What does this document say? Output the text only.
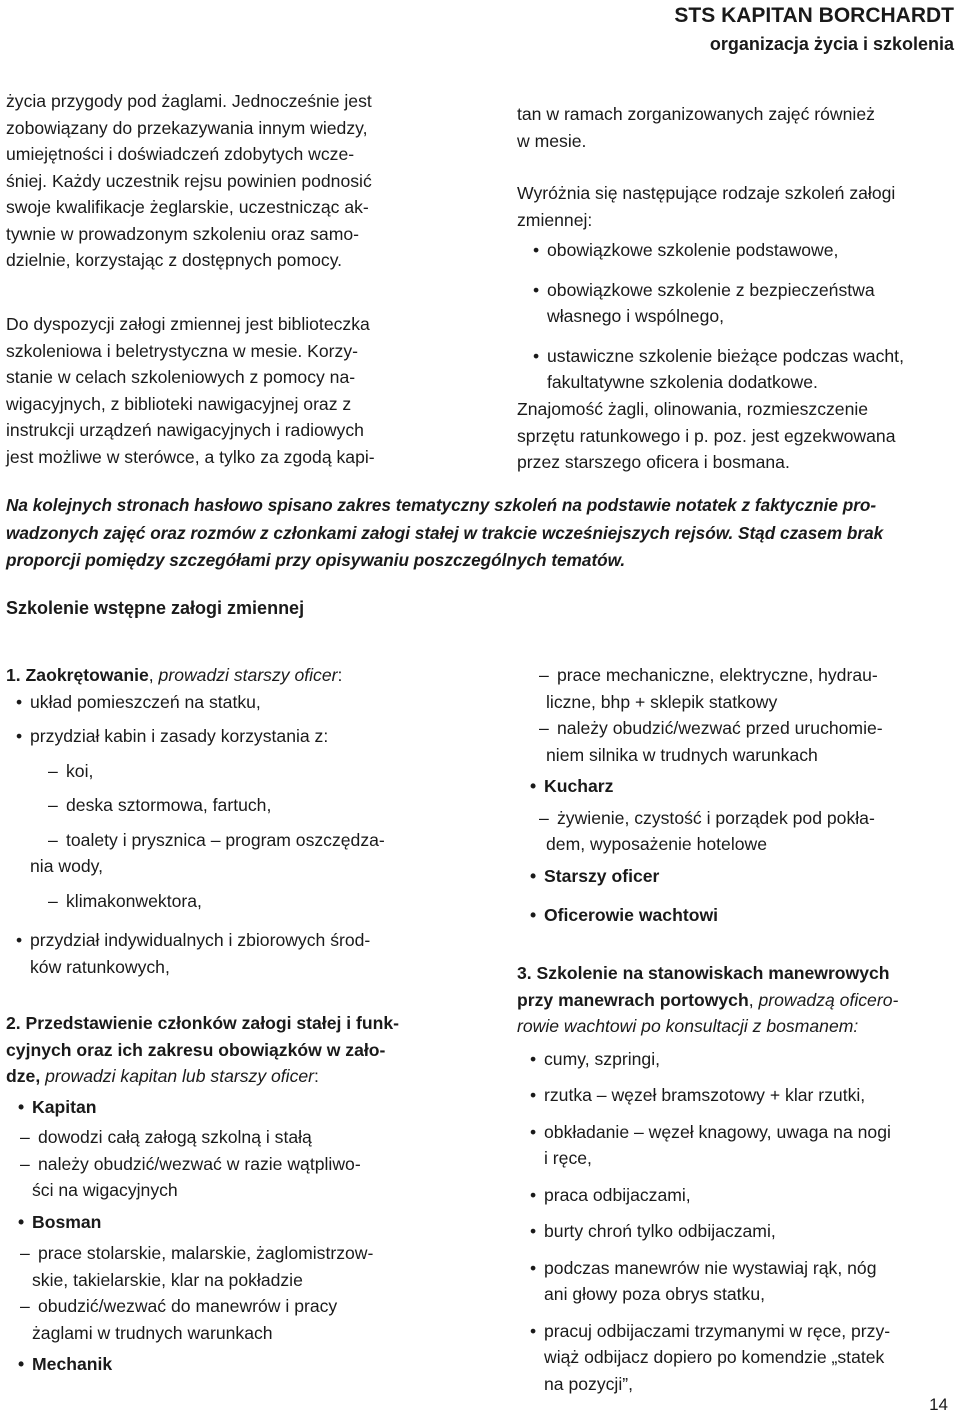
STS KAPITAN BORCHARDT
organizacja życia i szkolenia
życia przygody pod żaglami. Jednocześnie jest
zobowiązany do przekazywania innym wiedzy,
umiejętności i doświadczeń zdobytych wcze-
śniej. Każdy uczestnik rejsu powinien podnosić
swoje kwalifikacje żeglarskie, uczestnicząc ak-
tywnie w prowadzonym szkoleniu oraz samo-
dzielnie, korzystając z dostępnych pomocy.
Do dyspozycji załogi zmiennej jest biblioteczka
szkoleniowa i beletrystyczna w mesie. Korzy-
stanie w celach szkoleniowych z pomocy na-
wigacyjnych, z biblioteki nawigacyjnej oraz z
instrukcji urządzeń nawigacyjnych i radiowych
jest możliwe w sterówce, a tylko za zgodą kapi-
tan w ramach zorganizowanych zajęć również
w mesie.
Wyróżnia się następujące rodzaje szkoleń załogi
zmiennej:
• obowiązkowe szkolenie podstawowe,
• obowiązkowe szkolenie z bezpieczeństwa
własnego i wspólnego,
• ustawiczne szkolenie bieżące podczas wacht,
fakultatywne szkolenia dodatkowe.
Znajomość żagli, olinowania, rozmieszczenie
sprzętu ratunkowego i p. poz. jest egzekwowana
przez starszego oficera i bosmana.
Na kolejnych stronach hasłowo spisano zakres tematyczny szkoleń na podstawie notatek z faktycznie pro-
wadzonych zajęć oraz rozmów z członkami załogi stałej w trakcie wcześniejszych rejsów. Stąd czasem brak
proporcji pomiędzy szczegółami przy opisywaniu poszczególnych tematów.
Szkolenie wstępne załogi zmiennej
1. Zaokrętowanie, prowadzi starszy oficer:
• układ pomieszczeń na statku,
• przydział kabin i zasady korzystania z:
– koi,
– deska sztormowa, fartuch,
– toalety i prysznica – program oszczędza-
nia wody,
– klimakonwektora,
• przydział indywidualnych i zbiorowych środ-
ków ratunkowych,
2. Przedstawienie członków załogi stałej i funk-
cyjnych oraz ich zakresu obowiązków w zało-
dze, prowadzi kapitan lub starszy oficer:
• Kapitan
– dowodzi całą załogą szkolną i stałą
– należy obudzić/wezwać w razie wątpliwo-
ści na wigacyjnych
• Bosman
– prace stolarskie, malarskie, żaglomistrzow-
skie, takielarskie, klar na pokładzie
– obudzić/wezwać do manewrów i pracy
żaglami w trudnych warunkach
• Mechanik
– prace mechaniczne, elektryczne, hydrau-
liczne, bhp + sklepik statkowy
– należy obudzić/wezwać przed uruchomie-
niem silnika w trudnych warunkach
• Kucharz
– żywienie, czystość i porządek pod pokła-
dem, wyposażenie hotelowe
• Starszy oficer
• Oficerowie wachtowi
3. Szkolenie na stanowiskach manewrowych
przy manewrach portowych, prowadzą oficero-
rowie wachtowi po konsultacji z bosmanem:
• cumy, szpringi,
• rzutka – węzeł bramszotowy + klar rzutki,
• obkładanie – węzeł knagowy, uwaga na nogi
i ręce,
• praca odbijaczami,
• burty chroń tylko odbijaczami,
• podczas manewrów nie wystawiaj rąk, nóg
ani głowy poza obrys statku,
• pracuj odbijaczami trzymanymi w ręce, przy-
wiąż odbijacz dopiero po komendzie „statek
na pozycji”,
14
